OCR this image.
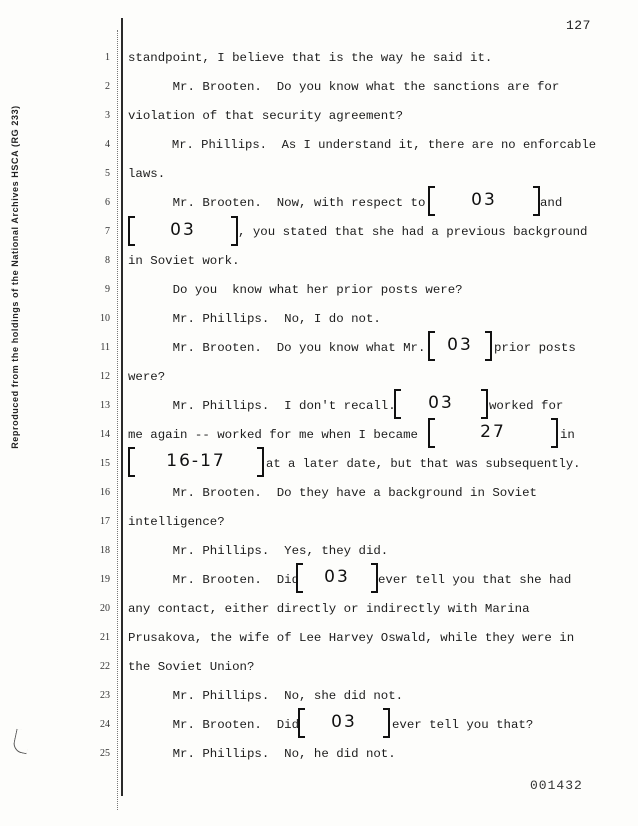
Reproduced from the holdings of the National Archives HSCA (RG 233)
127
1
2
3
4
5
6
7
8
9
10
11
12
13
14
15
16
17
18
19
20
21
22
23
24
25
standpoint, I believe that is the way he said it.
Mr. Brooten.  Do you know what the sanctions are for
violation of that security agreement?
Mr. Phillips.  As I understand it, there are no enforcable
laws.
Mr. Brooten.  Now, with respect to	and
, you stated that she had a previous background
in Soviet work.
Do you  know what her prior posts were?
Mr. Phillips.  No, I do not.
Mr. Brooten.  Do you know what Mr.	prior posts
were?
Mr. Phillips.  I don't recall.	worked for
me again -- worked for me when I became	in
at a later date, but that was subsequently.
Mr. Brooten.  Do they have a background in Soviet
intelligence?
Mr. Phillips.  Yes, they did.
Mr. Brooten.  Did	ever tell you that she had
any contact, either directly or indirectly with Marina
Prusakova, the wife of Lee Harvey Oswald, while they were in
the Soviet Union?
Mr. Phillips.  No, she did not.
Mr. Brooten.  Did	ever tell you that?
Mr. Phillips.  No, he did not.
03
03
03
03
27
16-17
03
03
001432
